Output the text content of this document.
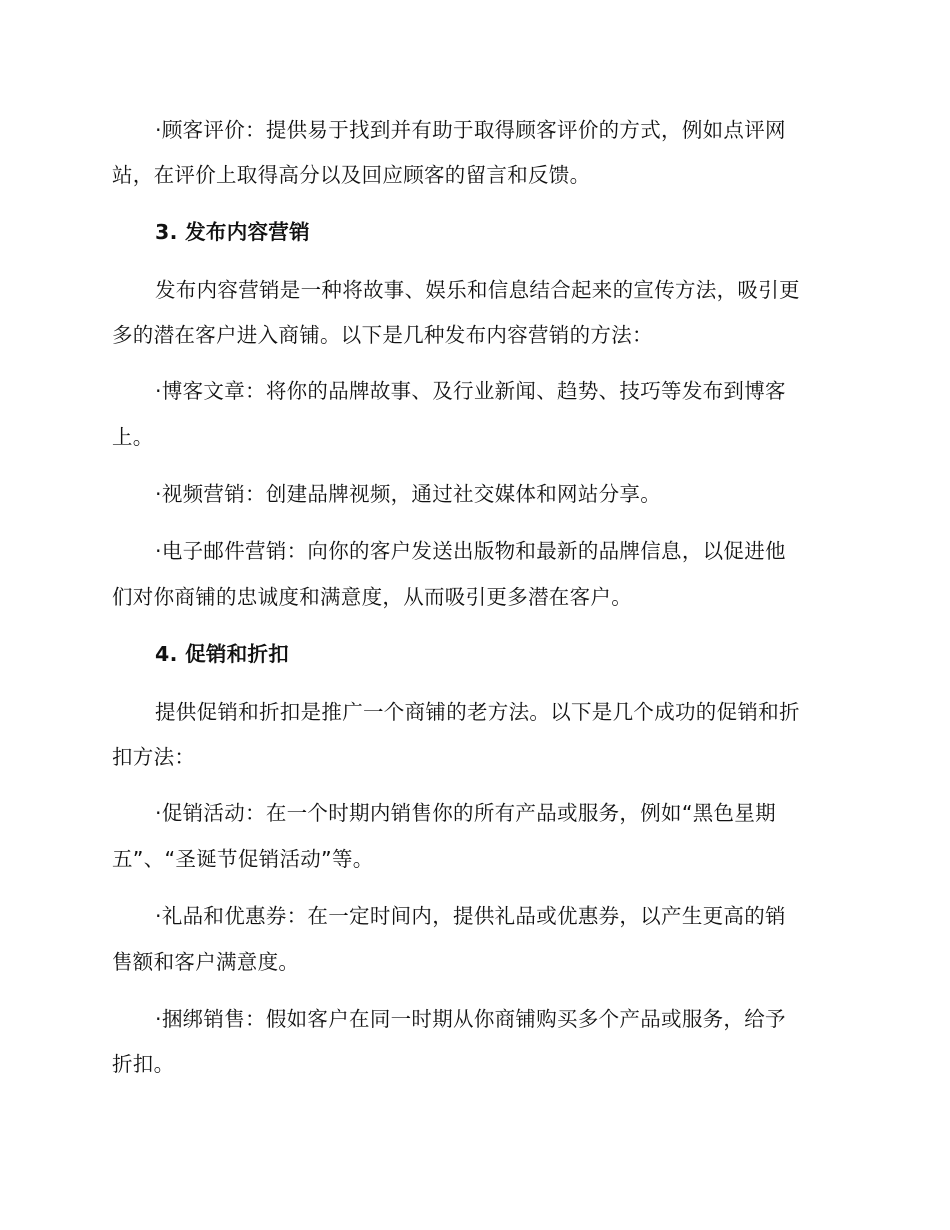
·顾客评价：提供易于找到并有助于取得顾客评价的方式，例如点评网

站，在评价上取得高分以及回应顾客的留言和反馈。

3. 发布内容营销

发布内容营销是一种将故事、娱乐和信息结合起来的宣传方法，吸引更

多的潜在客户进入商铺。以下是几种发布内容营销的方法：

·博客文章：将你的品牌故事、及行业新闻、趋势、技巧等发布到博客

上。

·视频营销：创建品牌视频，通过社交媒体和网站分享。

·电子邮件营销：向你的客户发送出版物和最新的品牌信息，以促进他

们对你商铺的忠诚度和满意度，从而吸引更多潜在客户。

4. 促销和折扣

提供促销和折扣是推广一个商铺的老方法。以下是几个成功的促销和折

扣方法：

·促销活动：在一个时期内销售你的所有产品或服务，例如“黑色星期

五”、“圣诞节促销活动”等。

·礼品和优惠券：在一定时间内，提供礼品或优惠券，以产生更高的销

售额和客户满意度。

·捆绑销售：假如客户在同一时期从你商铺购买多个产品或服务，给予

折扣。
